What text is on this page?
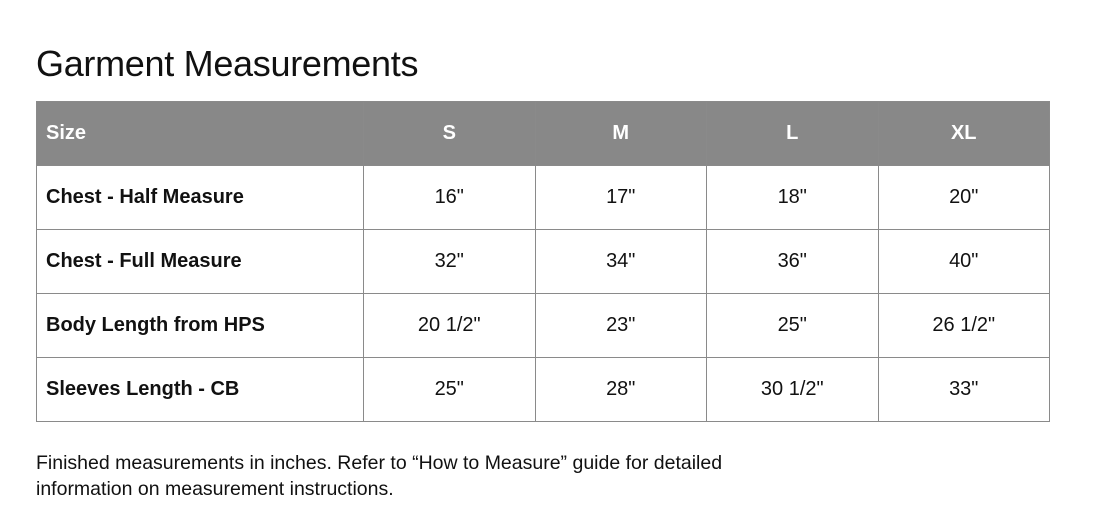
Garment Measurements
Size	S	M	L	XL
Chest - Half Measure	16"	17"	18"	20"
Chest - Full Measure	32"	34"	36"	40"
Body Length from HPS	20 1/2"	23"	25"	26 1/2"
Sleeves Length - CB	25"	28"	30 1/2"	33"

Finished measurements in inches. Refer to “How to Measure” guide for detailed
information on measurement instructions.
